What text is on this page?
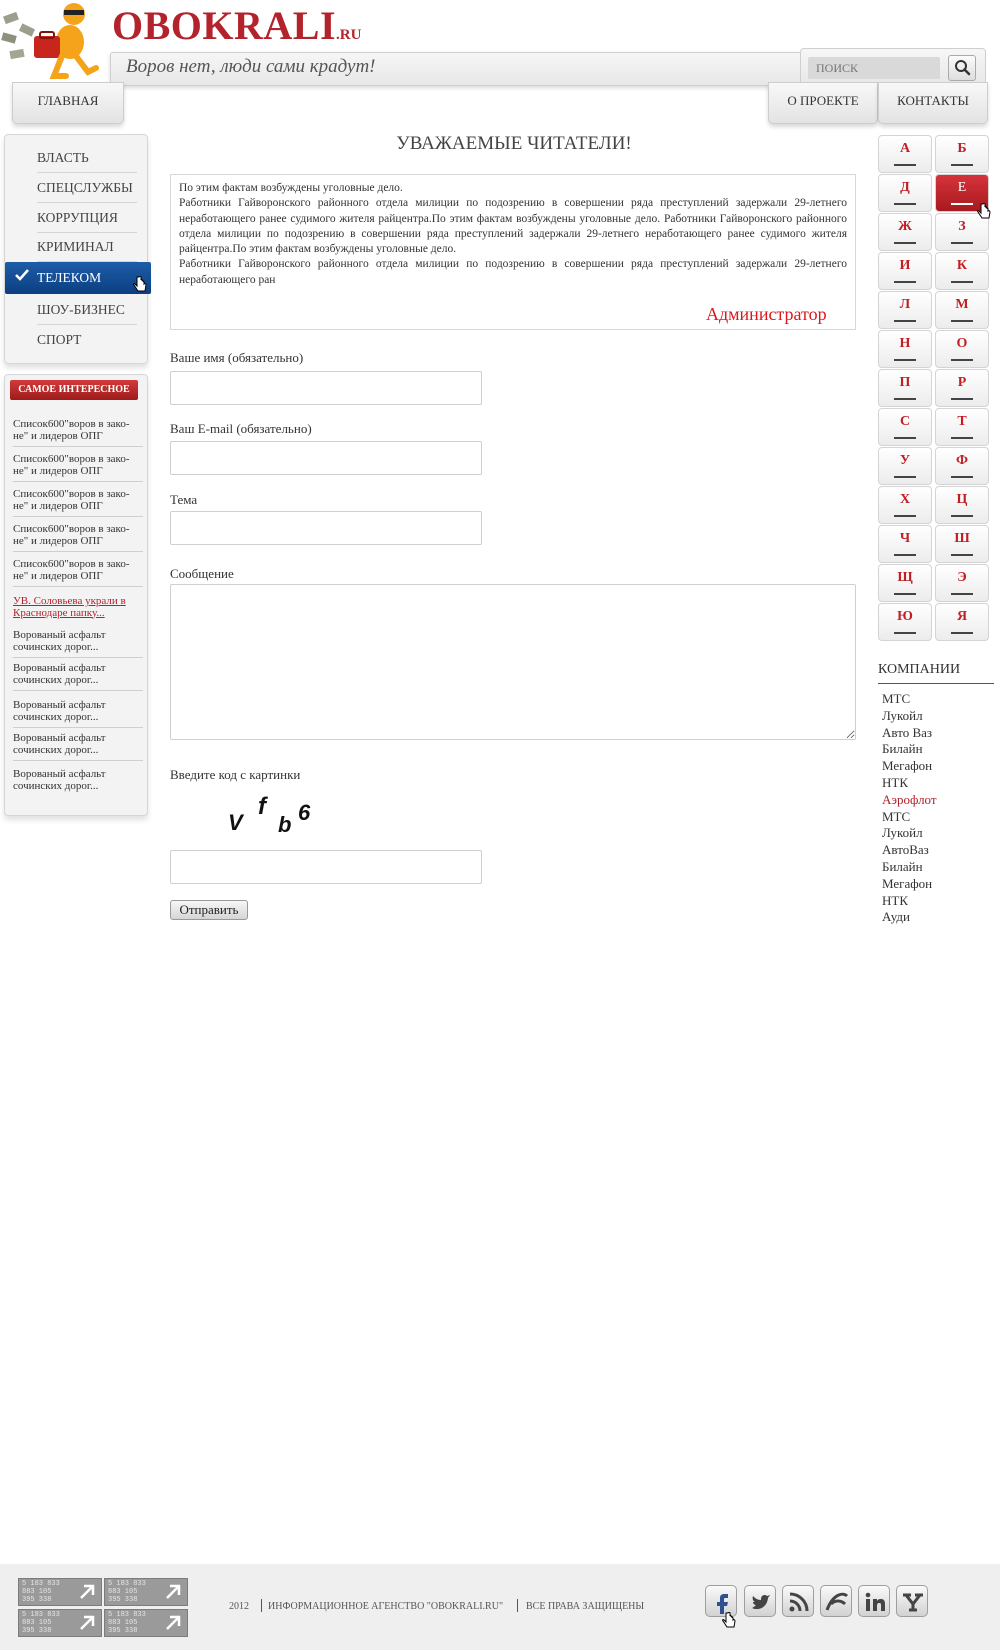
OBOKRALI.RU
Воров нет, люди сами крадут!
ПОИСК
ГЛАВНАЯ	О ПРОЕКТЕ	КОНТАКТЫ
ВЛАСТЬ
СПЕЦСЛУЖБЫ
КОРРУПЦИЯ
КРИМИНАЛ
ТЕЛЕКОМ
ШОУ-БИЗНЕС
СПОРТ
Список600"воров в зако-не" и лидеров ОПГ
Список600"воров в зако-не" и лидеров ОПГ
Список600"воров в зако-не" и лидеров ОПГ
Список600"воров в зако-не" и лидеров ОПГ
Список600"воров в зако-не" и лидеров ОПГ
УВ. Соловьева украли в Краснодаре папку...
Ворованый асфальт сочинских дорог...
Ворованый асфальт сочинских дорог...
Ворованый асфальт сочинских дорог...
Ворованый асфальт сочинских дорог...
Ворованый асфальт сочинских дорог...
САМОЕ ИНТЕРЕСНОЕ
УВАЖАЕМЫЕ ЧИТАТЕЛИ!

По этим фактам возбуждены уголовные дело.

Работники Гайворонского районного отдела милиции по подозрению в совершении ряда преступлений задержали 29-летнего неработающего ранее судимого жителя райцентра.По этим фактам возбуждены уголовные дело. Работники Гайворонского районного отдела милиции по подозрению в совершении ряда преступлений задержали 29-летнего неработающего ранее судимого жителя райцентра.По этим фактам возбуждены уголовные дело.

Работники Гайворонского районного отдела милиции по подозрению в совершении ряда преступлений задержали 29-летнего неработающего ран

Администратор
Ваше имя (обязательно)
Ваш E-mail (обязательно)
Тема
Сообщение
Введите код с картинки
V
f
b 6
Отправить
А	Б
Д	Е
Ж	З
И	К
Л	М
Н	О
П	Р
С	Т
У	Ф
Х	Ц
Ч	Ш
Щ	Э
Ю	Я
КОМПАНИИ
МТС
Лукойл
Авто Ваз
Билайн
Мегафон
НТК
Аэрофлот
МТС
Лукойл
АвтоВаз
Билайн
Мегафон
НТК
Ауди
5 183 833
883 105
395 338
5 183 833
883 105
395 338
5 183 833
883 105
395 338
5 183 833
883 105
395 338
2012 ИНФОРМАЦИОННОЕ АГЕНСТВО "OBOKRALI.RU" ВСЕ ПРАВА ЗАЩИЩЕНЫ
